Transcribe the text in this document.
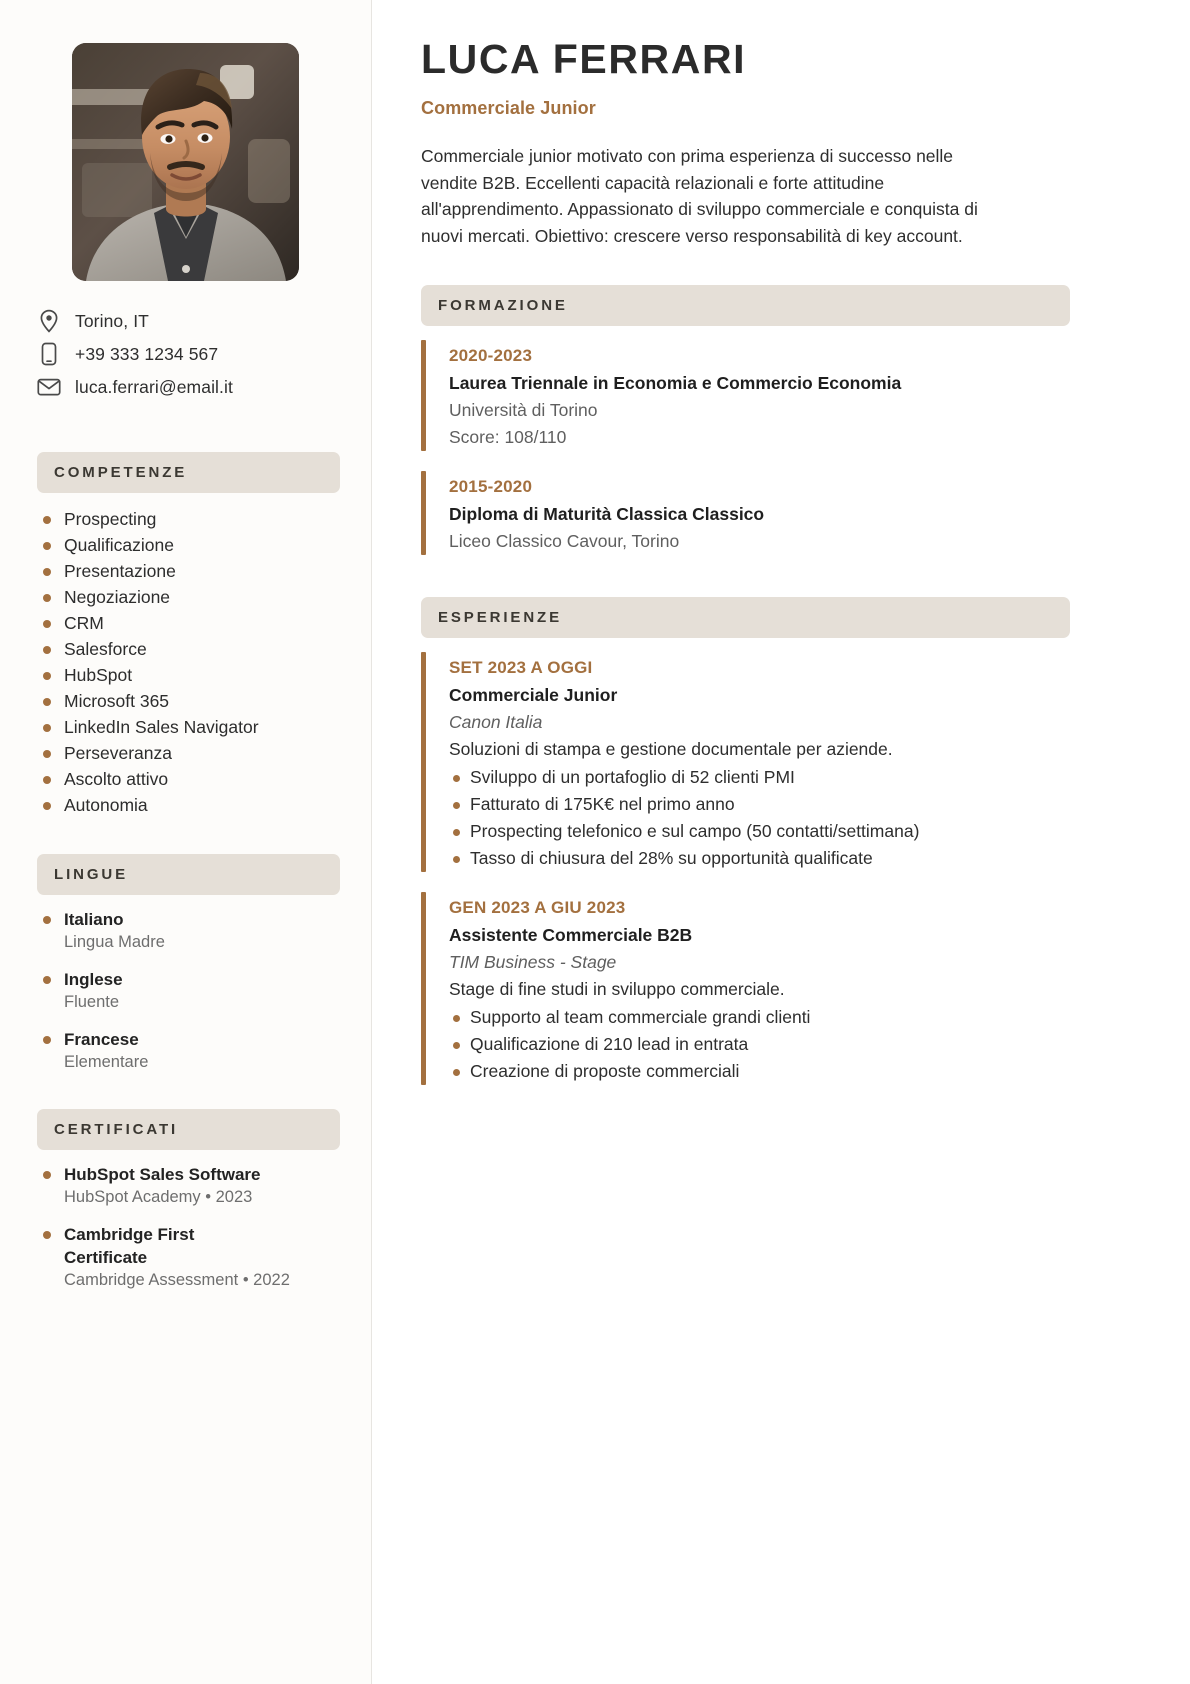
Torino, IT
+39 333 1234 567
luca.ferrari@email.it
COMPETENZE
Prospecting
Qualificazione
Presentazione
Negoziazione
CRM
Salesforce
HubSpot
Microsoft 365
LinkedIn Sales Navigator
Perseveranza
Ascolto attivo
Autonomia
LINGUE
Italiano
Lingua Madre
Inglese
Fluente
Francese
Elementare
CERTIFICATI
HubSpot Sales Software
HubSpot Academy • 2023
Cambridge First Certificate
Cambridge Assessment • 2022
LUCA FERRARI
Commerciale Junior

Commerciale junior motivato con prima esperienza di successo nelle vendite B2B. Eccellenti capacità relazionali e forte attitudine all'apprendimento. Appassionato di sviluppo commerciale e conquista di nuovi mercati. Obiettivo: crescere verso responsabilità di key account.

FORMAZIONE
2020-2023
Laurea Triennale in Economia e Commercio Economia
Università di Torino
Score: 108/110
2015-2020
Diploma di Maturità Classica Classico
Liceo Classico Cavour, Torino
ESPERIENZE
SET 2023 A OGGI
Commerciale Junior
Canon Italia
Soluzioni di stampa e gestione documentale per aziende.
Sviluppo di un portafoglio di 52 clienti PMI
Fatturato di 175K€ nel primo anno
Prospecting telefonico e sul campo (50 contatti/settimana)
Tasso di chiusura del 28% su opportunità qualificate
GEN 2023 A GIU 2023
Assistente Commerciale B2B
TIM Business - Stage
Stage di fine studi in sviluppo commerciale.
Supporto al team commerciale grandi clienti
Qualificazione di 210 lead in entrata
Creazione di proposte commerciali
